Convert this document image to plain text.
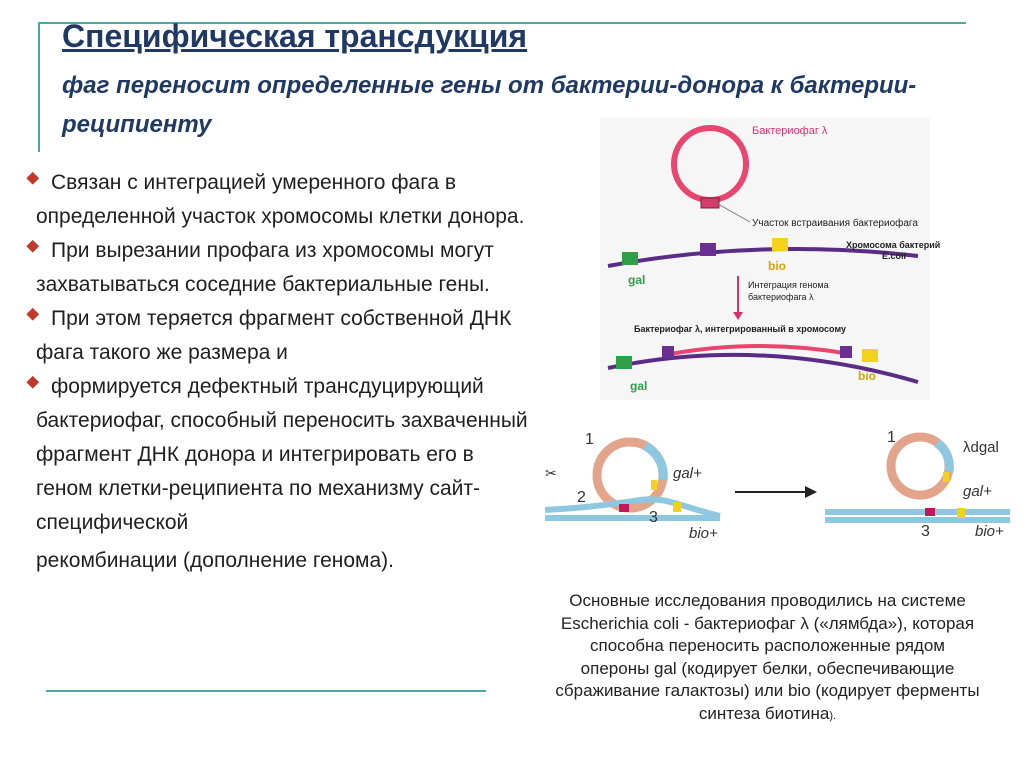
Специфическая трансдукция

фаг переносит определенные гены от бактерии-донора к бактерии-реципиенту

Связан с интеграцией умеренного фага в определенной участок хромосомы клетки донора.

При вырезании профага из хромосомы могут захватываться соседние бактериальные гены.

При этом теряется фрагмент собственной ДНК фага такого же размера и

формируется дефектный трансдуцирующий бактериофаг, способный переносить захваченный фрагмент ДНК донора и интегрировать его в геном клетки-реципиента по механизму сайт-специфической

рекомбинации (дополнение генома).

Бактериофаг λ
gal
bio
Участок встраивания бактериофага
Хромосома бактерий
E.coli
Интеграция генома
бактериофага λ
Бактериофаг λ, интегрированный в хромосому
gal
bio
✂
1
2
3
gal+
bio+
1
λdgal
gal+
3	bio+

Основные исследования проводились на системе Escherichia coli - бактериофаг λ («лямбда»), которая способна переносить расположенные рядом опероны gal (кодирует белки, обеспечивающие сбраживание галактозы) или bio (кодирует ферменты синтеза биотина).
